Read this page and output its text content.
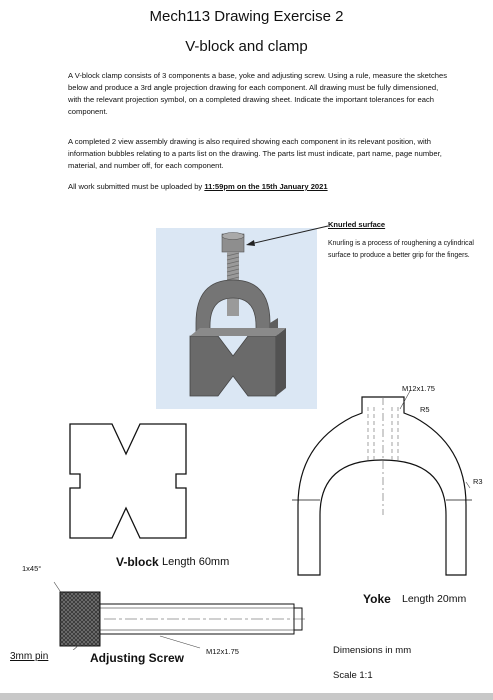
Mech113 Drawing Exercise 2
V-block and clamp
A V-block clamp consists of 3 components a base, yoke and adjusting screw. Using a rule, measure the sketches below and produce a 3rd angle projection drawing for each component. All drawing must be fully dimensioned, with the relevant projection symbol, on a completed drawing sheet. Indicate the important tolerances for each component.
A completed 2 view assembly drawing is also required showing each component in its relevant position, with information bubbles relating to a parts list on the drawing. The parts list must indicate, part name, page number, material, and number off, for each component.
All work submitted must be uploaded by 11:59pm on the 15th January 2021
Knurled surface
Knurling is a process of roughening a cylindrical surface to produce a better grip for the fingers.
V-block Length 60mm
M12x1.75
R5
R3
Yoke Length 20mm
1x45°
3mm pin	Adjusting Screw	M12x1.75	Dimensions in mm
Scale 1:1
